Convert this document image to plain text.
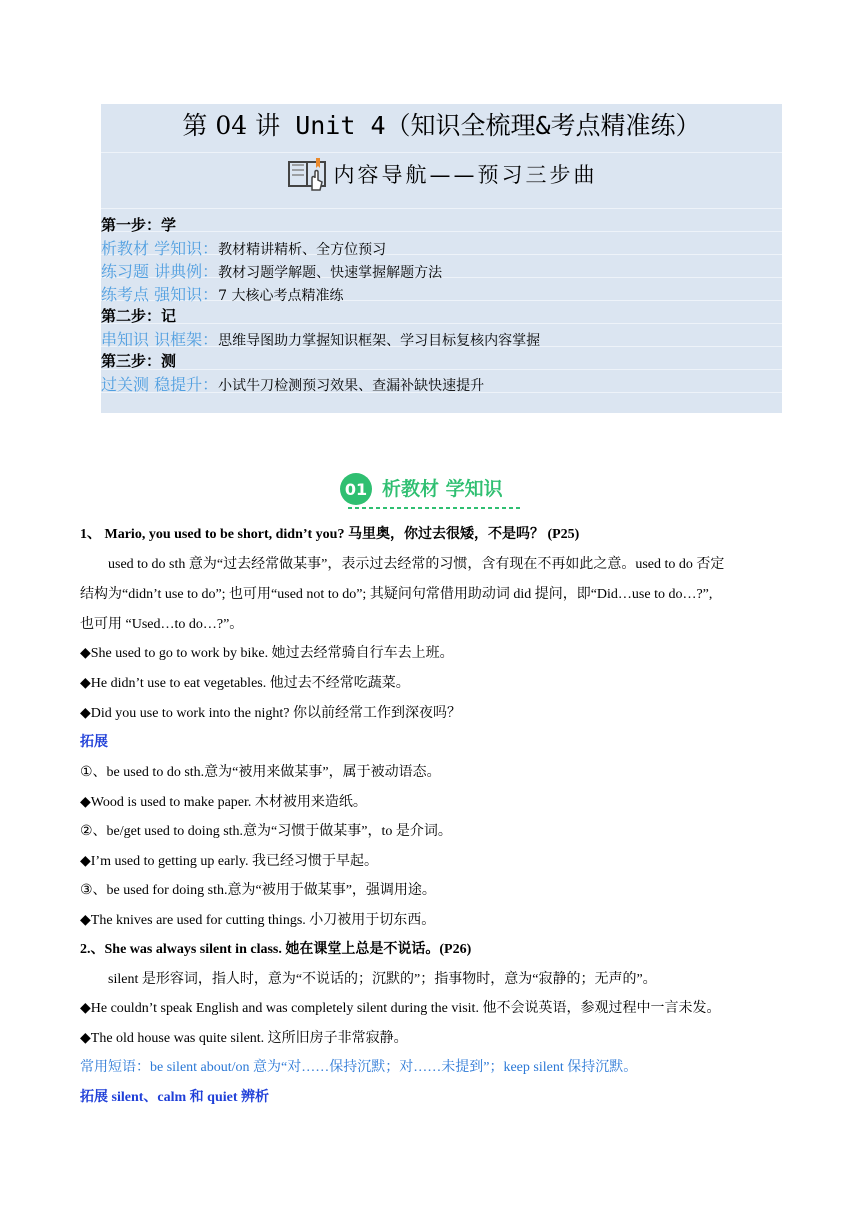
第 04 讲 Unit 4（知识全梳理&考点精准练）
内容导航——预习三步曲
第一步：学
析教材 学知识：教材精讲精析、全方位预习
练习题 讲典例：教材习题学解题、快速掌握解题方法
练考点 强知识：7 大核心考点精准练
第二步：记
串知识 识框架：思维导图助力掌握知识框架、学习目标复核内容掌握
第三步：测
过关测 稳提升：小试牛刀检测预习效果、查漏补缺快速提升
01 析教材 学知识
1、 Mario, you used to be short, didn’t you? 马里奥，你过去很矮，不是吗？ (P25)
used to do sth 意为“过去经常做某事”，表示过去经常的习惯，含有现在不再如此之意。used to do 否定
结构为“didn’t use to do”; 也可用“used not to do”; 其疑问句常借用助动词 did 提问，即“Did…use to do…?”,
也可用 “Used…to do…?”。
◆She used to go to work by bike. 她过去经常骑自行车去上班。
◆He didn’t use to eat vegetables. 他过去不经常吃蔬菜。
◆Did you use to work into the night? 你以前经常工作到深夜吗？
拓展
①、be used to do sth.意为“被用来做某事”，属于被动语态。
◆Wood is used to make paper. 木材被用来造纸。
②、be/get used to doing sth.意为“习惯于做某事”，to 是介词。
◆I’m used to getting up early. 我已经习惯于早起。
③、be used for doing sth.意为“被用于做某事”，强调用途。
◆The knives are used for cutting things. 小刀被用于切东西。
2.、She was always silent in class. 她在课堂上总是不说话。(P26)
silent 是形容词，指人时，意为“不说话的；沉默的”；指事物时，意为“寂静的；无声的”。
◆He couldn’t speak English and was completely silent during the visit. 他不会说英语，参观过程中一言未发。
◆The old house was quite silent. 这所旧房子非常寂静。
常用短语：be silent about/on 意为“对……保持沉默；对……未提到”；keep silent 保持沉默。
拓展 silent、calm 和 quiet 辨析
